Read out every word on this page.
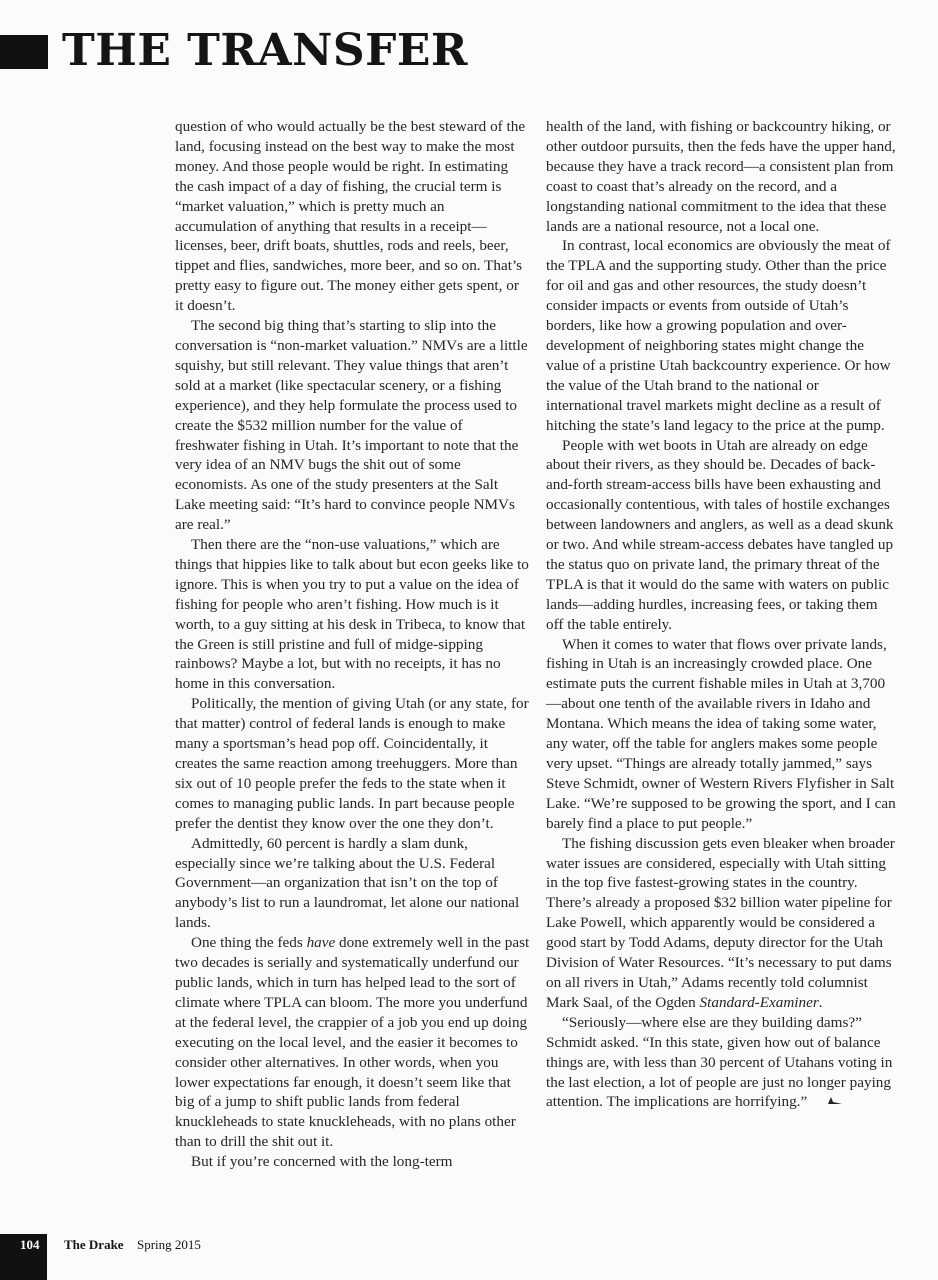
THE TRANSFER

question of who would actually be the best steward of the land, focusing instead on the best way to make the most money. And those people would be right. In estimating the cash impact of a day of fishing, the crucial term is “market valuation,” which is pretty much an accumulation of anything that results in a receipt—licenses, beer, drift boats, shuttles, rods and reels, beer, tippet and flies, sandwiches, more beer, and so on. That’s pretty easy to figure out. The money either gets spent, or it doesn’t.

The second big thing that’s starting to slip into the conversation is “non-market valuation.” NMVs are a little squishy, but still relevant. They value things that aren’t sold at a market (like spectacular scenery, or a fishing experience), and they help formulate the process used to create the $532 million number for the value of freshwater fishing in Utah. It’s important to note that the very idea of an NMV bugs the shit out of some economists. As one of the study presenters at the Salt Lake meeting said: “It’s hard to convince people NMVs are real.”

Then there are the “non-use valuations,” which are things that hippies like to talk about but econ geeks like to ignore. This is when you try to put a value on the idea of fishing for people who aren’t fishing. How much is it worth, to a guy sitting at his desk in Tribeca, to know that the Green is still pristine and full of midge-sipping rainbows? Maybe a lot, but with no receipts, it has no home in this conversation.

Politically, the mention of giving Utah (or any state, for that matter) control of federal lands is enough to make many a sportsman’s head pop off. Coincidentally, it creates the same reaction among treehuggers. More than six out of 10 people prefer the feds to the state when it comes to managing public lands. In part because people prefer the dentist they know over the one they don’t.

Admittedly, 60 percent is hardly a slam dunk, especially since we’re talking about the U.S. Federal Government—an organization that isn’t on the top of anybody’s list to run a laundromat, let alone our national lands.

One thing the feds have done extremely well in the past two decades is serially and systematically underfund our public lands, which in turn has helped lead to the sort of climate where TPLA can bloom. The more you underfund at the federal level, the crappier of a job you end up doing executing on the local level, and the easier it becomes to consider other alternatives. In other words, when you lower expectations far enough, it doesn’t seem like that big of a jump to shift public lands from federal knuckleheads to state knuckleheads, with no plans other than to drill the shit out it.

But if you’re concerned with the long-term

health of the land, with fishing or backcountry hiking, or other outdoor pursuits, then the feds have the upper hand, because they have a track record—a consistent plan from coast to coast that’s already on the record, and a longstanding national commitment to the idea that these lands are a national resource, not a local one.

In contrast, local economics are obviously the meat of the TPLA and the supporting study. Other than the price for oil and gas and other resources, the study doesn’t consider impacts or events from outside of Utah’s borders, like how a growing population and over-development of neighboring states might change the value of a pristine Utah backcountry experience. Or how the value of the Utah brand to the national or international travel markets might decline as a result of hitching the state’s land legacy to the price at the pump.

People with wet boots in Utah are already on edge about their rivers, as they should be. Decades of back-and-forth stream-access bills have been exhausting and occasionally contentious, with tales of hostile exchanges between landowners and anglers, as well as a dead skunk or two. And while stream-access debates have tangled up the status quo on private land, the primary threat of the TPLA is that it would do the same with waters on public lands—adding hurdles, increasing fees, or taking them off the table entirely.

When it comes to water that flows over private lands, fishing in Utah is an increasingly crowded place. One estimate puts the current fishable miles in Utah at 3,700—about one tenth of the available rivers in Idaho and Montana. Which means the idea of taking some water, any water, off the table for anglers makes some people very upset. “Things are already totally jammed,” says Steve Schmidt, owner of Western Rivers Flyfisher in Salt Lake. “We’re supposed to be growing the sport, and I can barely find a place to put people.”

The fishing discussion gets even bleaker when broader water issues are considered, especially with Utah sitting in the top five fastest-growing states in the country. There’s already a proposed $32 billion water pipeline for Lake Powell, which apparently would be considered a good start by Todd Adams, deputy director for the Utah Division of Water Resources. “It’s necessary to put dams on all rivers in Utah,” Adams recently told columnist Mark Saal, of the Ogden Standard-Examiner.

“Seriously—where else are they building dams?” Schmidt asked. “In this state, given how out of balance things are, with less than 30 percent of Utahans voting in the last election, a lot of people are just no longer paying attention. The implications are horrifying.”

104 The Drake Spring 2015
